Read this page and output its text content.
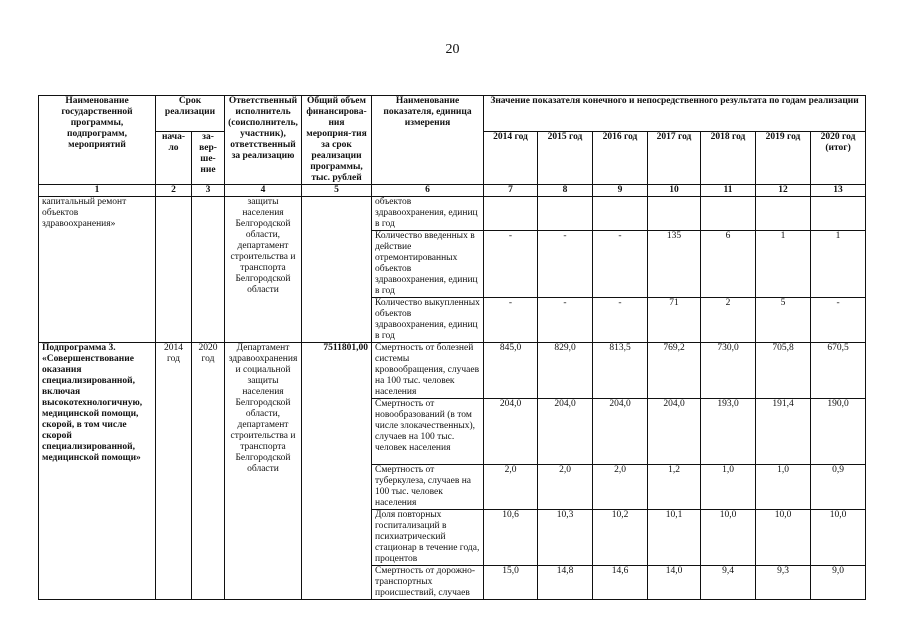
20
Наименование государственной программы, подпрограмм, мероприятий	Срок реализации		Ответственный исполнитель (соисполнитель, участник), ответственный за реализацию	Общий объем финансирова-ния мероприя-тия за срок реализации программы, тыс. рублей	Наименование показателя, единица измерения	Значение показателя конечного и непосредственного результата по годам реализации						
	нача-ло	за-вер-ше-ние				2014 год	2015 год	2016 год	2017 год	2018 год	2019 год	2020 год (итог)
1	2	3	4	5	6	7	8	9	10	11	12	13
капитальный ремонт объектов здравоохранения»			защиты населения Белгородской области, департамент строительства и транспорта Белгородской области		объектов здравоохранения, единиц в год							
					Количество введенных в действие отремонтированных объектов здравоохранения, единиц в год	-	-	-	135	6	1	1
					Количество выкупленных объектов здравоохранения, единиц в год	-	-	-	71	2	5	-
Подпрограмма 3. «Совершенствование оказания специализированной, включая высокотехнологичную, медицинской помощи, скорой, в том числе скорой специализированной, медицинской помощи»	2014 год	2020 год	Департамент здравоохранения и социальной защиты населения Белгородской области, департамент строительства и транспорта Белгородской области	7511801,00	Смертность от болезней системы кровообращения, случаев на 100 тыс. человек населения	845,0	829,0	813,5	769,2	730,0	705,8	670,5
					Смертность от новообразований (в том числе злокачественных), случаев на 100 тыс. человек населения	204,0	204,0	204,0	204,0	193,0	191,4	190,0
					Смертность от туберкулеза, случаев на 100 тыс. человек населения	2,0	2,0	2,0	1,2	1,0	1,0	0,9
					Доля повторных госпитализаций в психиатрический стационар в течение года, процентов	10,6	10,3	10,2	10,1	10,0	10,0	10,0
					Смертность от дорожно-транспортных происшествий, случаев	15,0	14,8	14,6	14,0	9,4	9,3	9,0
